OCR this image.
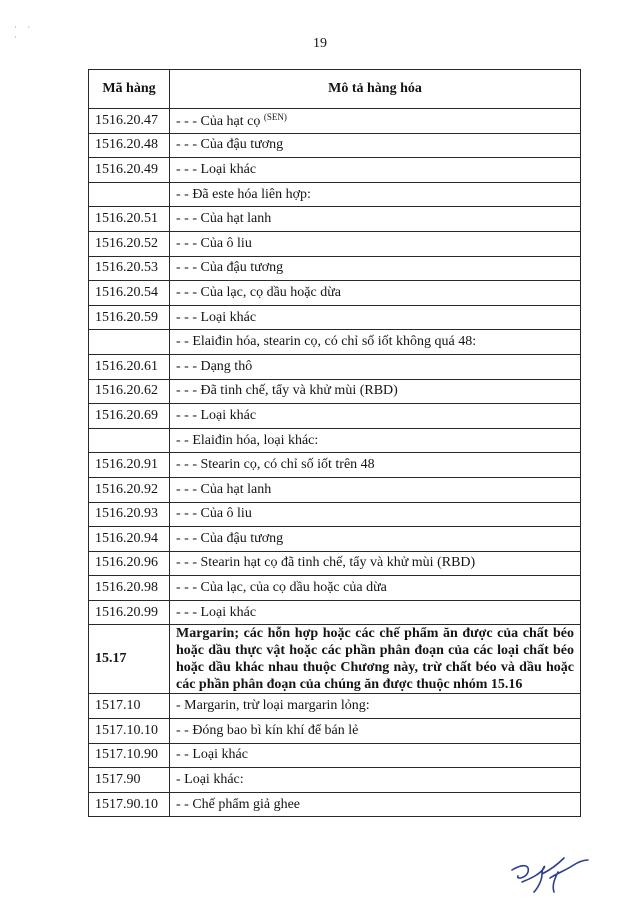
· ·
·	19
Mã hàng	Mô tả hàng hóa
1516.20.47	- - - Của hạt cọ $^{(SEN)}$
1516.20.48	- - - Của đậu tương
1516.20.49	- - - Loại khác
	- - Đã este hóa liên hợp:
1516.20.51	- - - Của hạt lanh
1516.20.52	- - - Của ô liu
1516.20.53	- - - Của đậu tương
1516.20.54	- - - Của lạc, cọ dầu hoặc dừa
1516.20.59	- - - Loại khác
	- - Elaiđin hóa, stearin cọ, có chỉ số iốt không quá 48:
1516.20.61	- - - Dạng thô
1516.20.62	- - - Đã tinh chế, tẩy và khử mùi (RBD)
1516.20.69	- - - Loại khác
	- - Elaiđin hóa, loại khác:
1516.20.91	- - - Stearin cọ, có chỉ số iốt trên 48
1516.20.92	- - - Của hạt lanh
1516.20.93	- - - Của ô liu
1516.20.94	- - - Của đậu tương
1516.20.96	- - - Stearin hạt cọ đã tinh chế, tẩy và khử mùi (RBD)
1516.20.98	- - - Của lạc, của cọ dầu hoặc của dừa
1516.20.99	- - - Loại khác
15.17	Margarin; các hỗn hợp hoặc các chế phẩm ăn được của chất béo hoặc dầu thực vật hoặc các phần phân đoạn của các loại chất béo hoặc dầu khác nhau thuộc Chương này, trừ chất béo và dầu hoặc các phần phân đoạn của chúng ăn được thuộc nhóm 15.16
1517.10	- Margarin, trừ loại margarin lỏng:
1517.10.10	- - Đóng bao bì kín khí để bán lẻ
1517.10.90	- - Loại khác
1517.90	- Loại khác:
1517.90.10	- - Chế phẩm giả ghee
